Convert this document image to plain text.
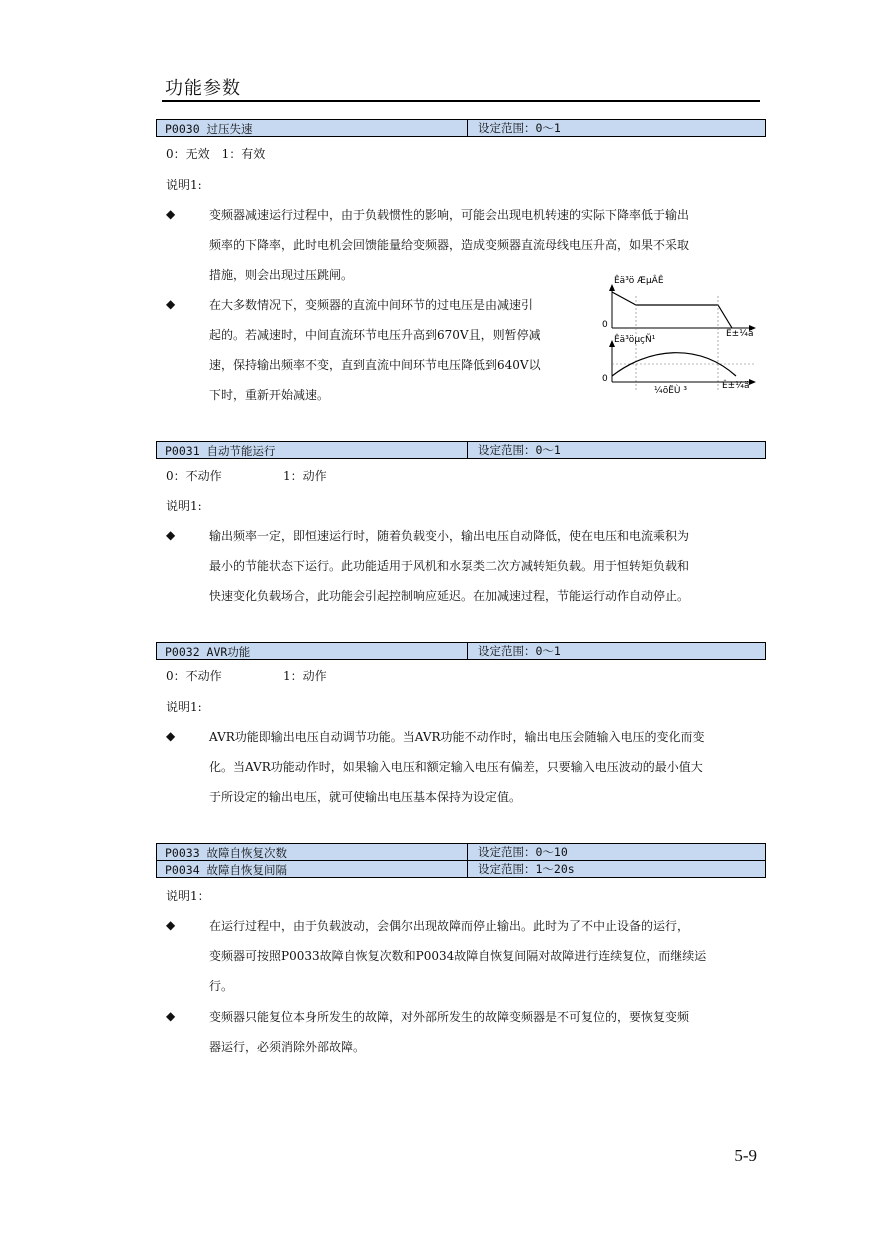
功能参数
P0030 过压失速	设定范围：0～1
0：无效　1：有效
说明1:
◆	变频器减速运行过程中，由于负载惯性的影响，可能会出现电机转速的实际下降率低于输出
频率的下降率，此时电机会回馈能量给变频器，造成变频器直流母线电压升高，如果不采取
措施，则会出现过压跳闸。
◆	在大多数情况下，变频器的直流中间环节的过电压是由减速引
起的。若减速时，中间直流环节电压升高到670V且，则暂停减
速，保持输出频率不变，直到直流中间环节电压降低到640V以
下时，重新开始减速。
Êä³ö ÆµÂÊ
0
Ê±¼ä
Êä³öµçÑ¹
0
¼õËÙ ³	Ê±¼ä
P0031 自动节能运行	设定范围：0～1
0：不动作	1：动作
说明1:
◆	输出频率一定，即恒速运行时，随着负载变小，输出电压自动降低，使在电压和电流乘积为
最小的节能状态下运行。此功能适用于风机和水泵类二次方减转矩负载。用于恒转矩负载和
快速变化负载场合，此功能会引起控制响应延迟。在加减速过程，节能运行动作自动停止。
P0032 AVR功能	设定范围：0～1
0：不动作	1：动作
说明1:
◆	AVR功能即输出电压自动调节功能。当AVR功能不动作时，输出电压会随输入电压的变化而变
化。当AVR功能动作时，如果输入电压和额定输入电压有偏差，只要输入电压波动的最小值大
于所设定的输出电压，就可使输出电压基本保持为设定值。
P0033 故障自恢复次数	设定范围：0～10
P0034 故障自恢复间隔	设定范围：1～20s
说明1：
◆	在运行过程中，由于负载波动，会偶尔出现故障而停止输出。此时为了不中止设备的运行，
变频器可按照P0033故障自恢复次数和P0034故障自恢复间隔对故障进行连续复位，而继续运
行。
◆	变频器只能复位本身所发生的故障，对外部所发生的故障变频器是不可复位的，要恢复变频
器运行，必须消除外部故障。
5-9
